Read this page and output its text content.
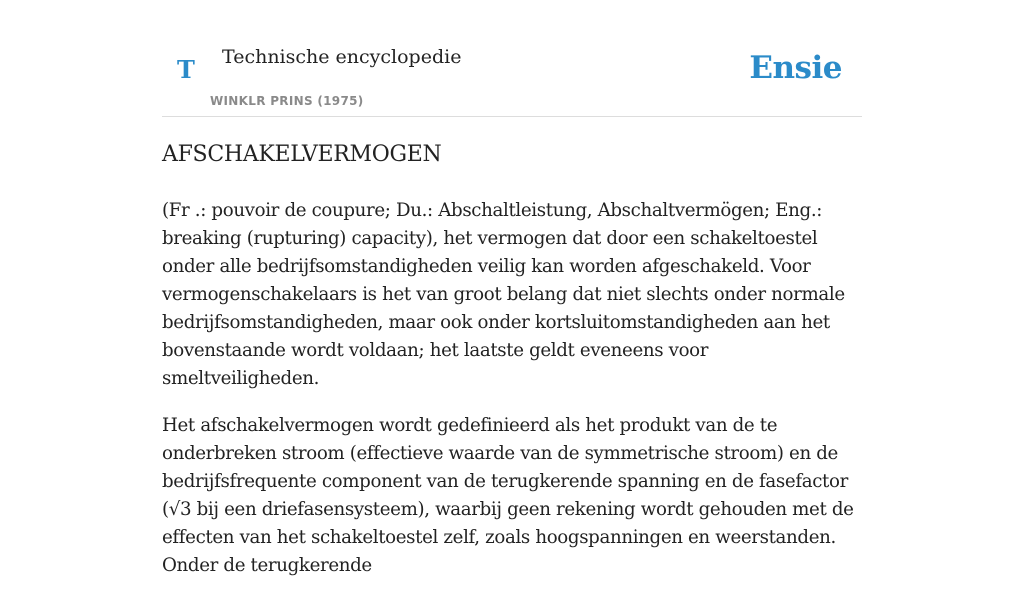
T Technische encyclopedie
WINKLR PRINS (1975)
Ensie
AFSCHAKELVERMOGEN

(Fr .: pouvoir de coupure; Du.: Abschaltleistung, Abschaltvermögen; Eng.: breaking (rupturing) capacity), het vermogen dat door een schakeltoestel onder alle bedrijfsomstandigheden veilig kan worden afgeschakeld. Voor vermogenschakelaars is het van groot belang dat niet slechts onder normale bedrijfsomstandigheden, maar ook onder kortsluitomstandigheden aan het bovenstaande wordt voldaan; het laatste geldt eveneens voor smeltveiligheden.

Het afschakelvermogen wordt gedefinieerd als het produkt van de te onderbreken stroom (effectieve waarde van de symmetrische stroom) en de bedrijfsfrequente component van de terugkerende spanning en de fasefactor (√3 bij een driefasensysteem), waarbij geen rekening wordt gehouden met de effecten van het schakeltoestel zelf, zoals hoogspanningen en weerstanden. Onder de terugkerende
